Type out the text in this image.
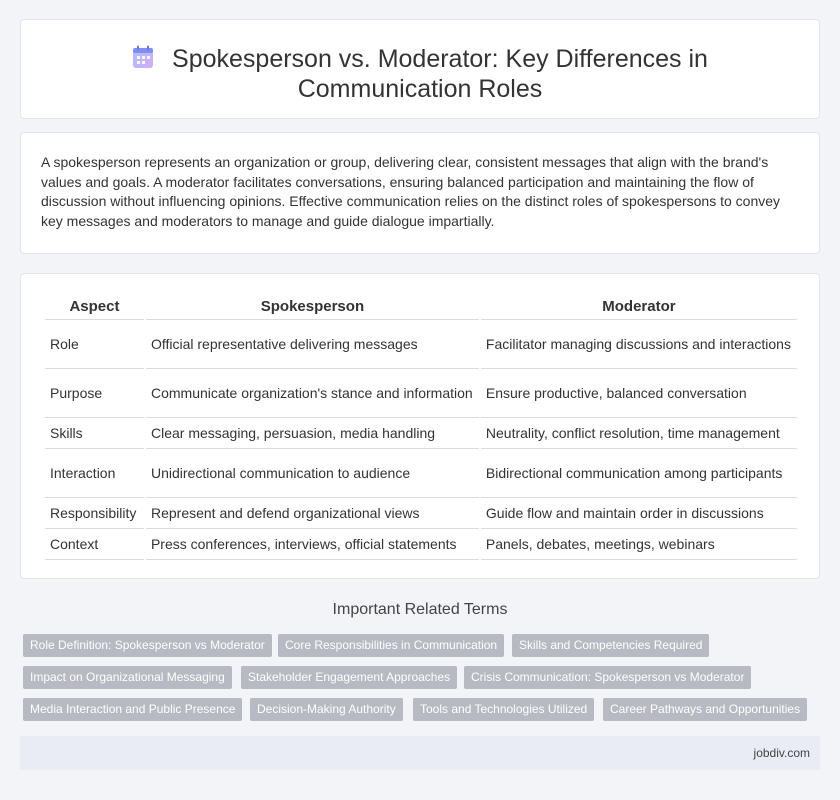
Spokesperson vs. Moderator: Key Differences in Communication Roles

A spokesperson represents an organization or group, delivering clear, consistent messages that align with the brand's values and goals. A moderator facilitates conversations, ensuring balanced participation and maintaining the flow of discussion without influencing opinions. Effective communication relies on the distinct roles of spokespersons to convey key messages and moderators to manage and guide dialogue impartially.

Aspect	Spokesperson	Moderator
Role	Official representative delivering messages	Facilitator managing discussions and interactions
Purpose	Communicate organization's stance and information	Ensure productive, balanced conversation
Skills	Clear messaging, persuasion, media handling	Neutrality, conflict resolution, time management
Interaction	Unidirectional communication to audience	Bidirectional communication among participants
Responsibility	Represent and defend organizational views	Guide flow and maintain order in discussions
Context	Press conferences, interviews, official statements	Panels, debates, meetings, webinars
Important Related Terms
Role Definition: Spokesperson vs Moderator	Core Responsibilities in Communication	Skills and Competencies Required
Impact on Organizational Messaging	Stakeholder Engagement Approaches	Crisis Communication: Spokesperson vs Moderator
Media Interaction and Public Presence	Decision-Making Authority	Tools and Technologies Utilized	Career Pathways and Opportunities
jobdiv.com
